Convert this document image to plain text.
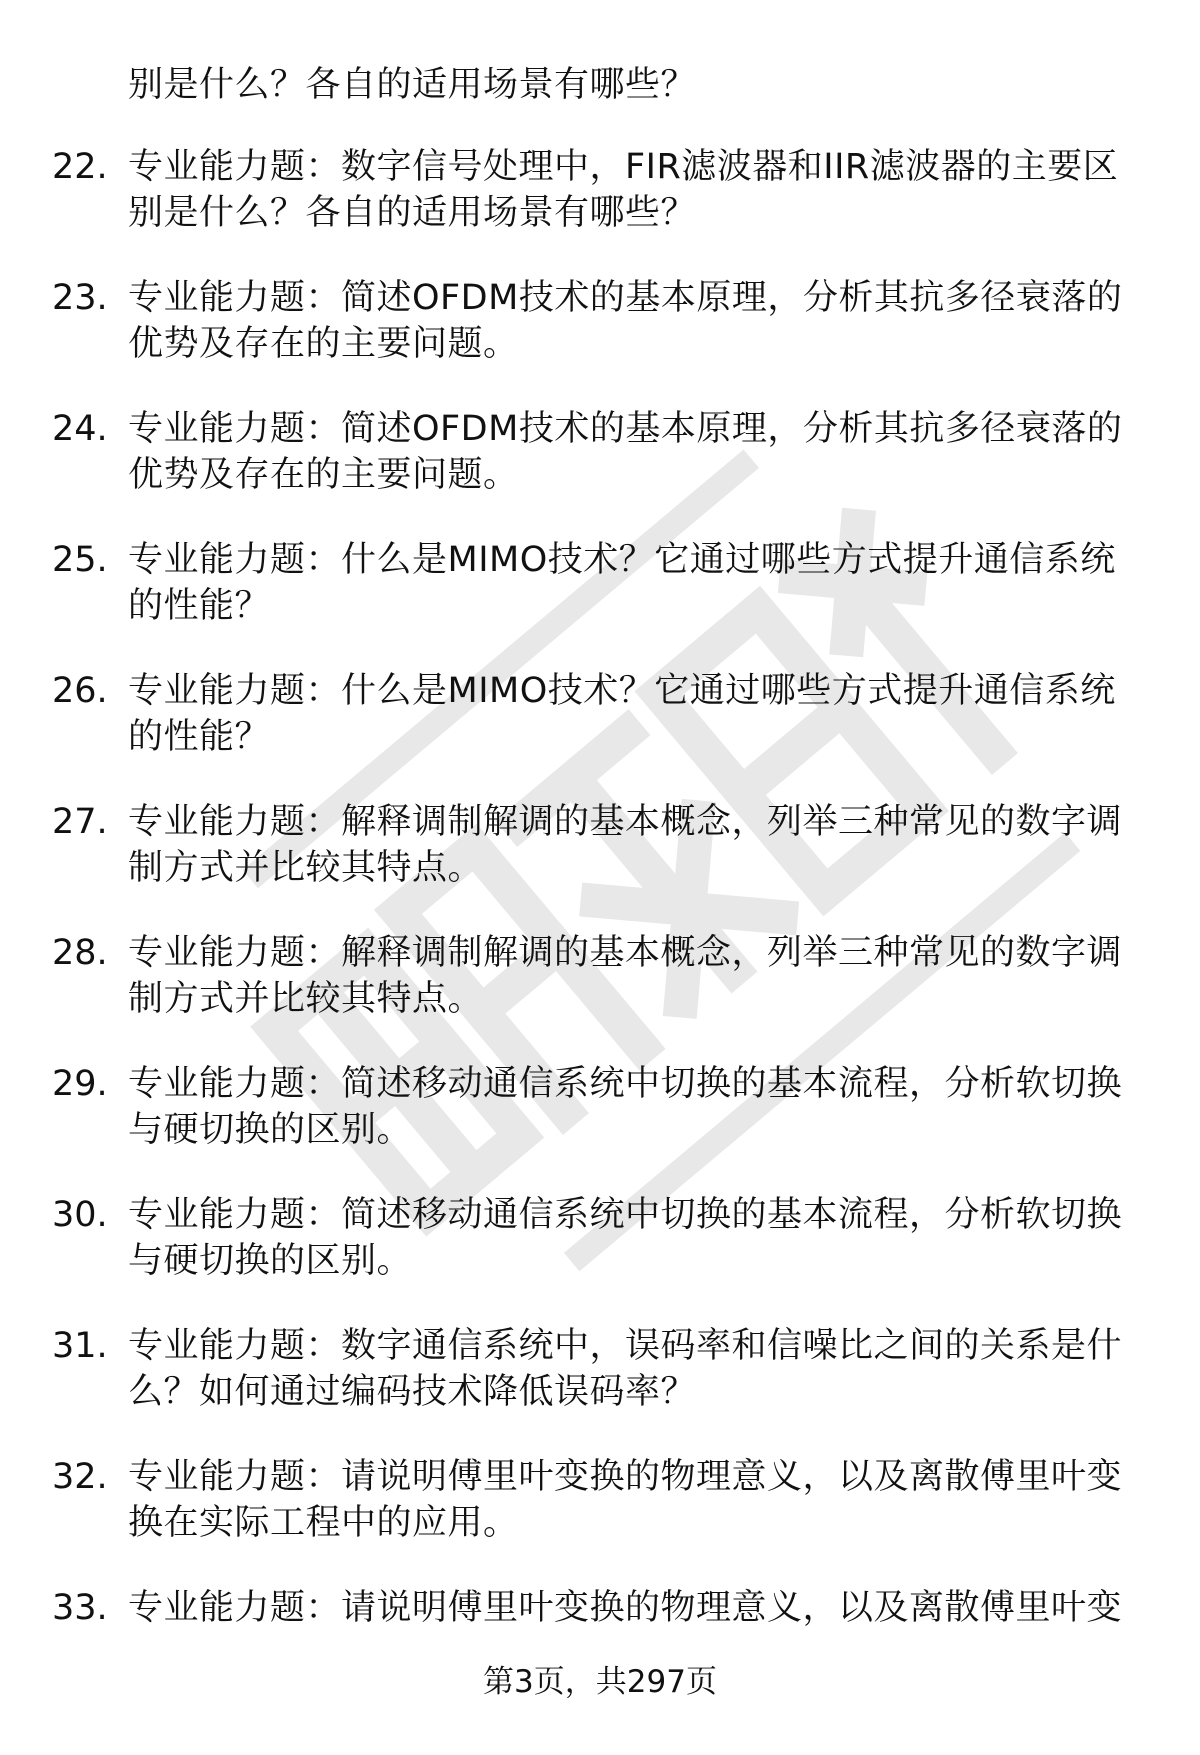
别是什么？各自的适用场景有哪些？
22. 专业能力题：数字信号处理中，FIR滤波器和IIR滤波器的主要区
别是什么？各自的适用场景有哪些？
23. 专业能力题：简述OFDM技术的基本原理，分析其抗多径衰落的
优势及存在的主要问题。
24. 专业能力题：简述OFDM技术的基本原理，分析其抗多径衰落的
优势及存在的主要问题。
25. 专业能力题：什么是MIMO技术？它通过哪些方式提升通信系统
的性能？
26. 专业能力题：什么是MIMO技术？它通过哪些方式提升通信系统
的性能？
27. 专业能力题：解释调制解调的基本概念，列举三种常见的数字调
制方式并比较其特点。
28. 专业能力题：解释调制解调的基本概念，列举三种常见的数字调
制方式并比较其特点。
29. 专业能力题：简述移动通信系统中切换的基本流程，分析软切换
与硬切换的区别。
30. 专业能力题：简述移动通信系统中切换的基本流程，分析软切换
与硬切换的区别。
31. 专业能力题：数字通信系统中，误码率和信噪比之间的关系是什
么？如何通过编码技术降低误码率？
32. 专业能力题：请说明傅里叶变换的物理意义，以及离散傅里叶变
换在实际工程中的应用。
33. 专业能力题：请说明傅里叶变换的物理意义，以及离散傅里叶变
第3页，共297页
